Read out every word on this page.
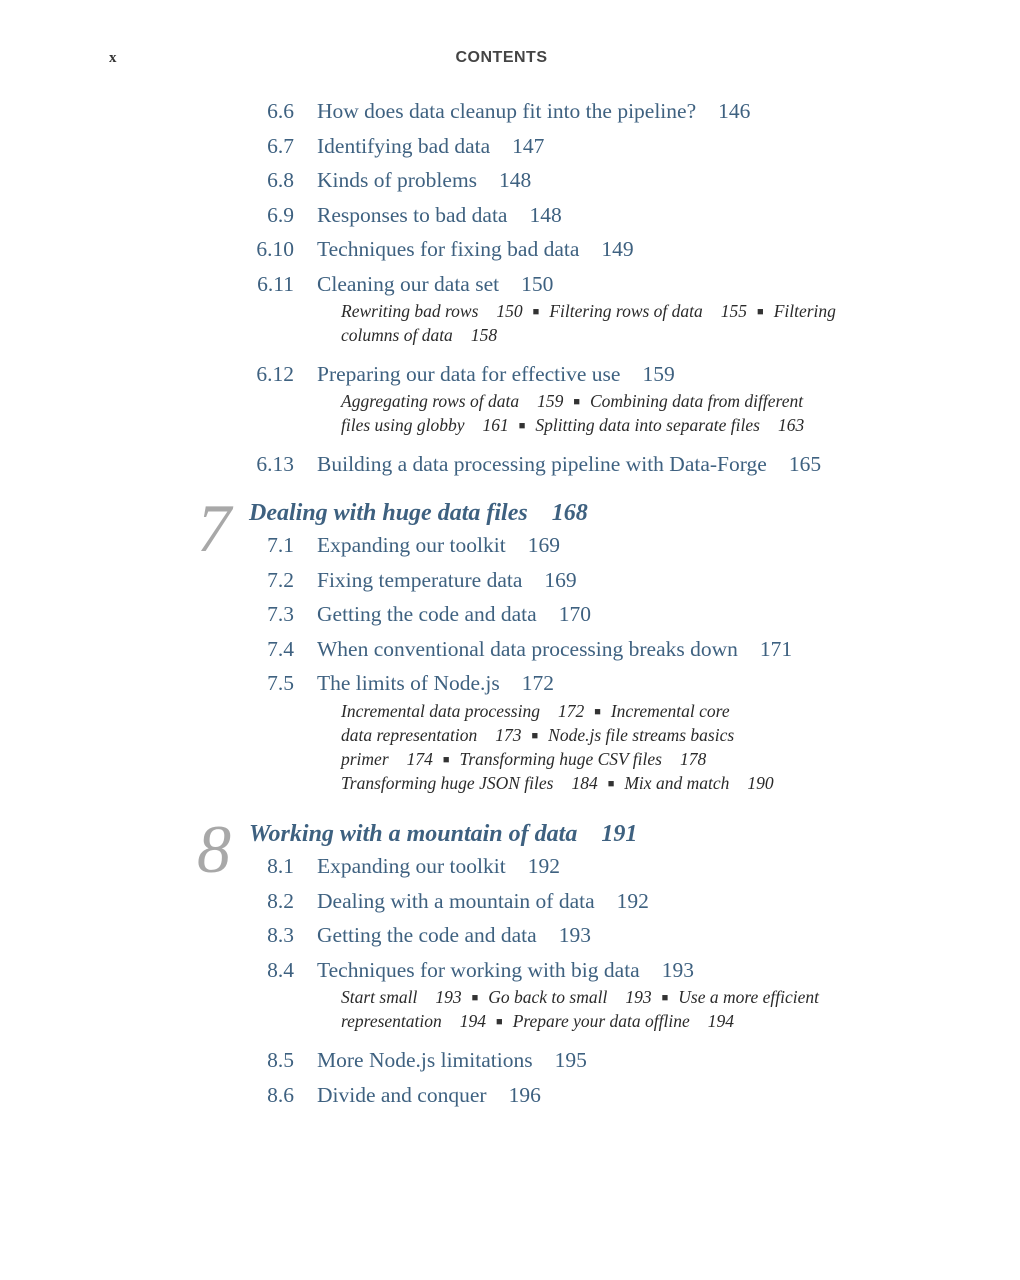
x	CONTENTS
6.6 How does data cleanup fit into the pipeline? 146
6.7 Identifying bad data 147
6.8 Kinds of problems 148
6.9 Responses to bad data 148
6.10 Techniques for fixing bad data 149
6.11 Cleaning our data set 150
Rewriting bad rows 150 ■ Filtering rows of data 155 ■ Filtering
columns of data 158
6.12 Preparing our data for effective use 159
Aggregating rows of data 159 ■ Combining data from different
files using globby 161 ■ Splitting data into separate files 163
6.13 Building a data processing pipeline with Data-Forge 165
7 Dealing with huge data files 168
7.1 Expanding our toolkit 169
7.2 Fixing temperature data 169
7.3 Getting the code and data 170
7.4 When conventional data processing breaks down 171
7.5 The limits of Node.js 172
Incremental data processing 172 ■ Incremental core
data representation 173 ■ Node.js file streams basics
primer 174 ■ Transforming huge CSV files 178
Transforming huge JSON files 184 ■ Mix and match 190
8 Working with a mountain of data 191
8.1 Expanding our toolkit 192
8.2 Dealing with a mountain of data 192
8.3 Getting the code and data 193
8.4 Techniques for working with big data 193
Start small 193 ■ Go back to small 193 ■ Use a more efficient
representation 194 ■ Prepare your data offline 194
8.5 More Node.js limitations 195
8.6 Divide and conquer 196
